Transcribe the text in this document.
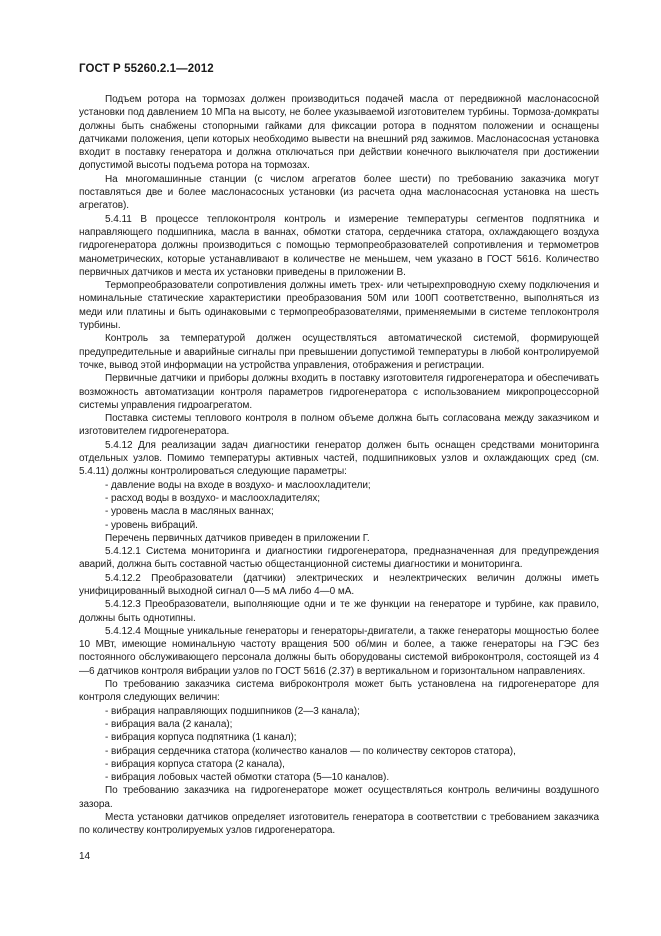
ГОСТ Р 55260.2.1—2012

Подъем ротора на тормозах должен производиться подачей масла от передвижной маслонасосной установки под давлением 10 МПа на высоту, не более указываемой изготовителем турбины. Тормоза-домкраты должны быть снабжены стопорными гайками для фиксации ротора в поднятом положении и оснащены датчиками положения, цепи которых необходимо вывести на внешний ряд зажимов. Маслонасосная установка входит в поставку генератора и должна отключаться при действии конечного выключателя при достижении допустимой высоты подъема ротора на тормозах.

На многомашинные станции (с числом агрегатов более шести) по требованию заказчика могут поставляться две и более маслонасосных установки (из расчета одна маслонасосная установка на шесть агрегатов).

5.4.11 В процессе теплоконтроля контроль и измерение температуры сегментов подпятника и направляющего подшипника, масла в ваннах, обмотки статора, сердечника статора, охлаждающего воздуха гидрогенератора должны производиться с помощью термопреобразователей сопротивления и термометров манометрических, которые устанавливают в количестве не меньшем, чем указано в ГОСТ 5616. Количество первичных датчиков и места их установки приведены в приложении В.

Термопреобразователи сопротивления должны иметь трех- или четырехпроводную схему подключения и номинальные статические характеристики преобразования 50М или 100П соответственно, выполняться из меди или платины и быть одинаковыми с термопреобразователями, применяемыми в системе теплоконтроля турбины.

Контроль за температурой должен осуществляться автоматической системой, формирующей предупредительные и аварийные сигналы при превышении допустимой температуры в любой контролируемой точке, вывод этой информации на устройства управления, отображения и регистрации.

Первичные датчики и приборы должны входить в поставку изготовителя гидрогенератора и обеспечивать возможность автоматизации контроля параметров гидрогенератора с использованием микропроцессорной системы управления гидроагрегатом.

Поставка системы теплового контроля в полном объеме должна быть согласована между заказчиком и изготовителем гидрогенератора.

5.4.12 Для реализации задач диагностики генератор должен быть оснащен средствами мониторинга отдельных узлов. Помимо температуры активных частей, подшипниковых узлов и охлаждающих сред (см. 5.4.11) должны контролироваться следующие параметры:

- давление воды на входе в воздухо- и маслоохладители;

- расход воды в воздухо- и маслоохладителях;

- уровень масла в масляных ваннах;

- уровень вибраций.

Перечень первичных датчиков приведен в приложении Г.

5.4.12.1 Система мониторинга и диагностики гидрогенератора, предназначенная для предупреждения аварий, должна быть составной частью общестанционной системы диагностики и мониторинга.

5.4.12.2 Преобразователи (датчики) электрических и неэлектрических величин должны иметь унифицированный выходной сигнал 0—5 мА либо 4—0 мА.

5.4.12.3 Преобразователи, выполняющие одни и те же функции на генераторе и турбине, как правило, должны быть однотипны.

5.4.12.4 Мощные уникальные генераторы и генераторы-двигатели, а также генераторы мощностью более 10 МВт, имеющие номинальную частоту вращения 500 об/мин и более, а также генераторы на ГЭС без постоянного обслуживающего персонала должны быть оборудованы системой виброконтроля, состоящей из 4—6 датчиков контроля вибрации узлов по ГОСТ 5616 (2.37) в вертикальном и горизонтальном направлениях.

По требованию заказчика система виброконтроля может быть установлена на гидрогенераторе для контроля следующих величин:

- вибрация направляющих подшипников (2—3 канала);

- вибрация вала (2 канала);

- вибрация корпуса подпятника (1 канал);

- вибрация сердечника статора (количество каналов — по количеству секторов статора),

- вибрация корпуса статора (2 канала),

- вибрация лобовых частей обмотки статора (5—10 каналов).

По требованию заказчика на гидрогенераторе может осуществляться контроль величины воздушного зазора.

Места установки датчиков определяет изготовитель генератора в соответствии с требованием заказчика по количеству контролируемых узлов гидрогенератора.

14
